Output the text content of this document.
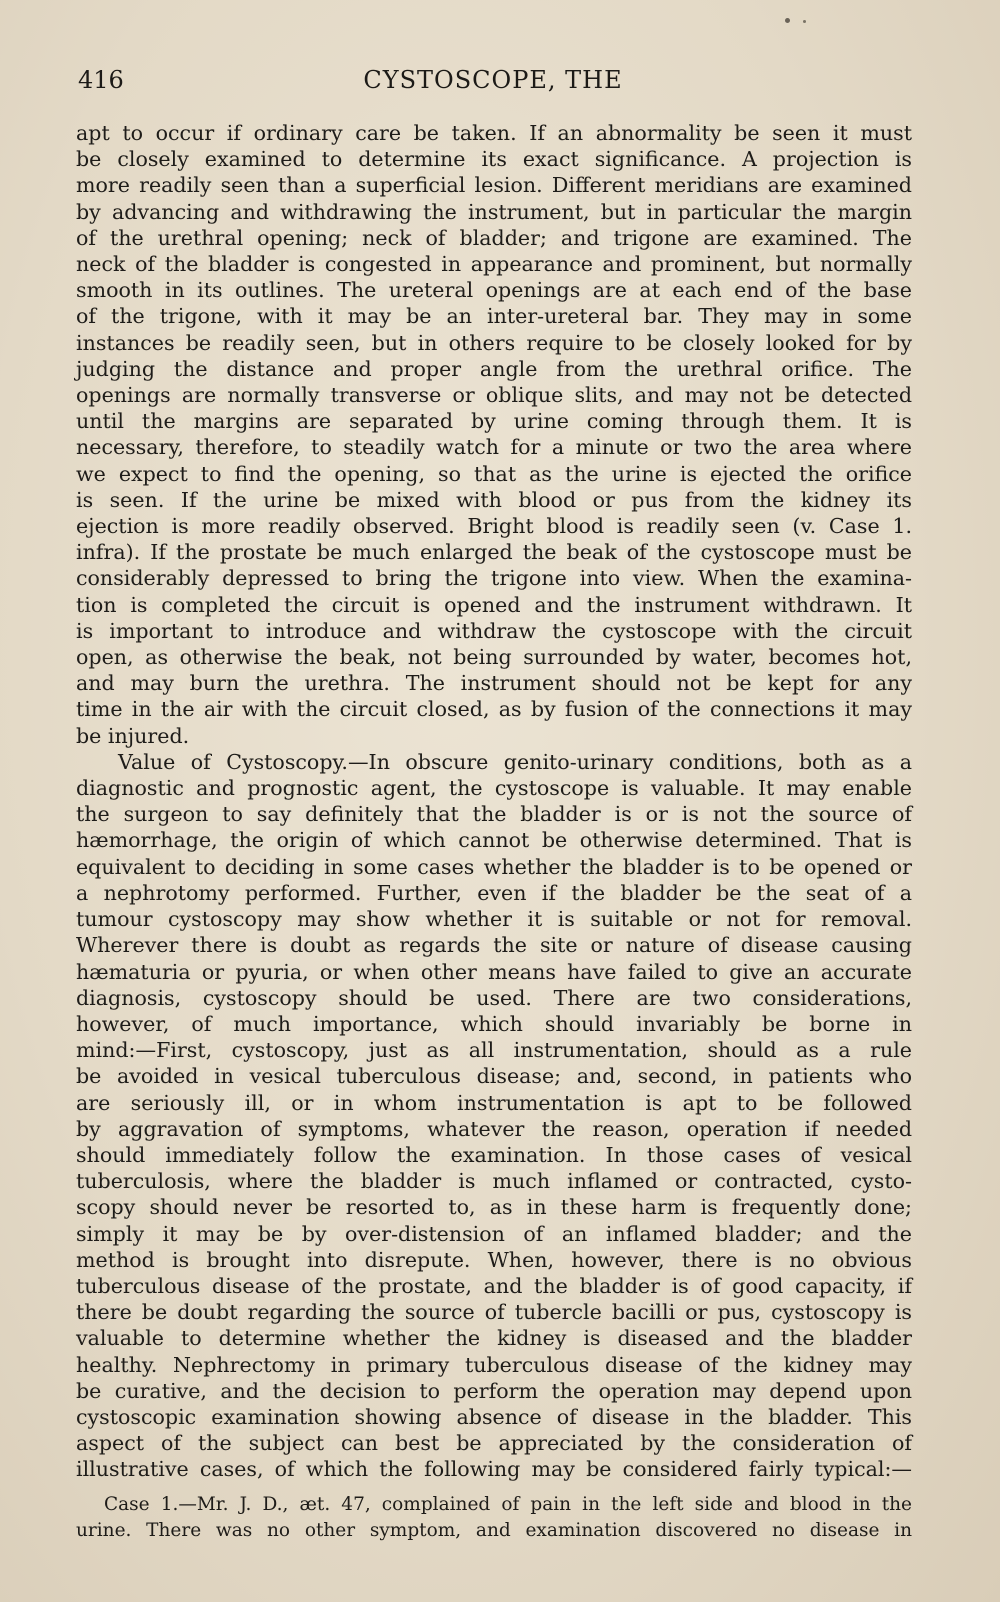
416	CYSTOSCOPE, THE
apt to occur if ordinary care be taken. If an abnormality be seen it must
be closely examined to determine its exact significance. A projection is
more readily seen than a superficial lesion. Different meridians are examined
by advancing and withdrawing the instrument, but in particular the margin
of the urethral opening; neck of bladder; and trigone are examined. The
neck of the bladder is congested in appearance and prominent, but normally
smooth in its outlines. The ureteral openings are at each end of the base
of the trigone, with it may be an inter-ureteral bar. They may in some
instances be readily seen, but in others require to be closely looked for by
judging the distance and proper angle from the urethral orifice. The
openings are normally transverse or oblique slits, and may not be detected
until the margins are separated by urine coming through them. It is
necessary, therefore, to steadily watch for a minute or two the area where
we expect to find the opening, so that as the urine is ejected the orifice
is seen. If the urine be mixed with blood or pus from the kidney its
ejection is more readily observed. Bright blood is readily seen (v. Case 1.
infra). If the prostate be much enlarged the beak of the cystoscope must be
considerably depressed to bring the trigone into view. When the examina-
tion is completed the circuit is opened and the instrument withdrawn. It
is important to introduce and withdraw the cystoscope with the circuit
open, as otherwise the beak, not being surrounded by water, becomes hot,
and may burn the urethra. The instrument should not be kept for any
time in the air with the circuit closed, as by fusion of the connections it may
be injured.
Value of Cystoscopy.—In obscure genito-urinary conditions, both as a
diagnostic and prognostic agent, the cystoscope is valuable. It may enable
the surgeon to say definitely that the bladder is or is not the source of
hæmorrhage, the origin of which cannot be otherwise determined. That is
equivalent to deciding in some cases whether the bladder is to be opened or
a nephrotomy performed. Further, even if the bladder be the seat of a
tumour cystoscopy may show whether it is suitable or not for removal.
Wherever there is doubt as regards the site or nature of disease causing
hæmaturia or pyuria, or when other means have failed to give an accurate
diagnosis, cystoscopy should be used. There are two considerations,
however, of much importance, which should invariably be borne in
mind:—First, cystoscopy, just as all instrumentation, should as a rule
be avoided in vesical tuberculous disease; and, second, in patients who
are seriously ill, or in whom instrumentation is apt to be followed
by aggravation of symptoms, whatever the reason, operation if needed
should immediately follow the examination. In those cases of vesical
tuberculosis, where the bladder is much inflamed or contracted, cysto-
scopy should never be resorted to, as in these harm is frequently done;
simply it may be by over-distension of an inflamed bladder; and the
method is brought into disrepute. When, however, there is no obvious
tuberculous disease of the prostate, and the bladder is of good capacity, if
there be doubt regarding the source of tubercle bacilli or pus, cystoscopy is
valuable to determine whether the kidney is diseased and the bladder
healthy. Nephrectomy in primary tuberculous disease of the kidney may
be curative, and the decision to perform the operation may depend upon
cystoscopic examination showing absence of disease in the bladder. This
aspect of the subject can best be appreciated by the consideration of
illustrative cases, of which the following may be considered fairly typical:—
Case 1.—Mr. J. D., æt. 47, complained of pain in the left side and blood in the
urine. There was no other symptom, and examination discovered no disease in
